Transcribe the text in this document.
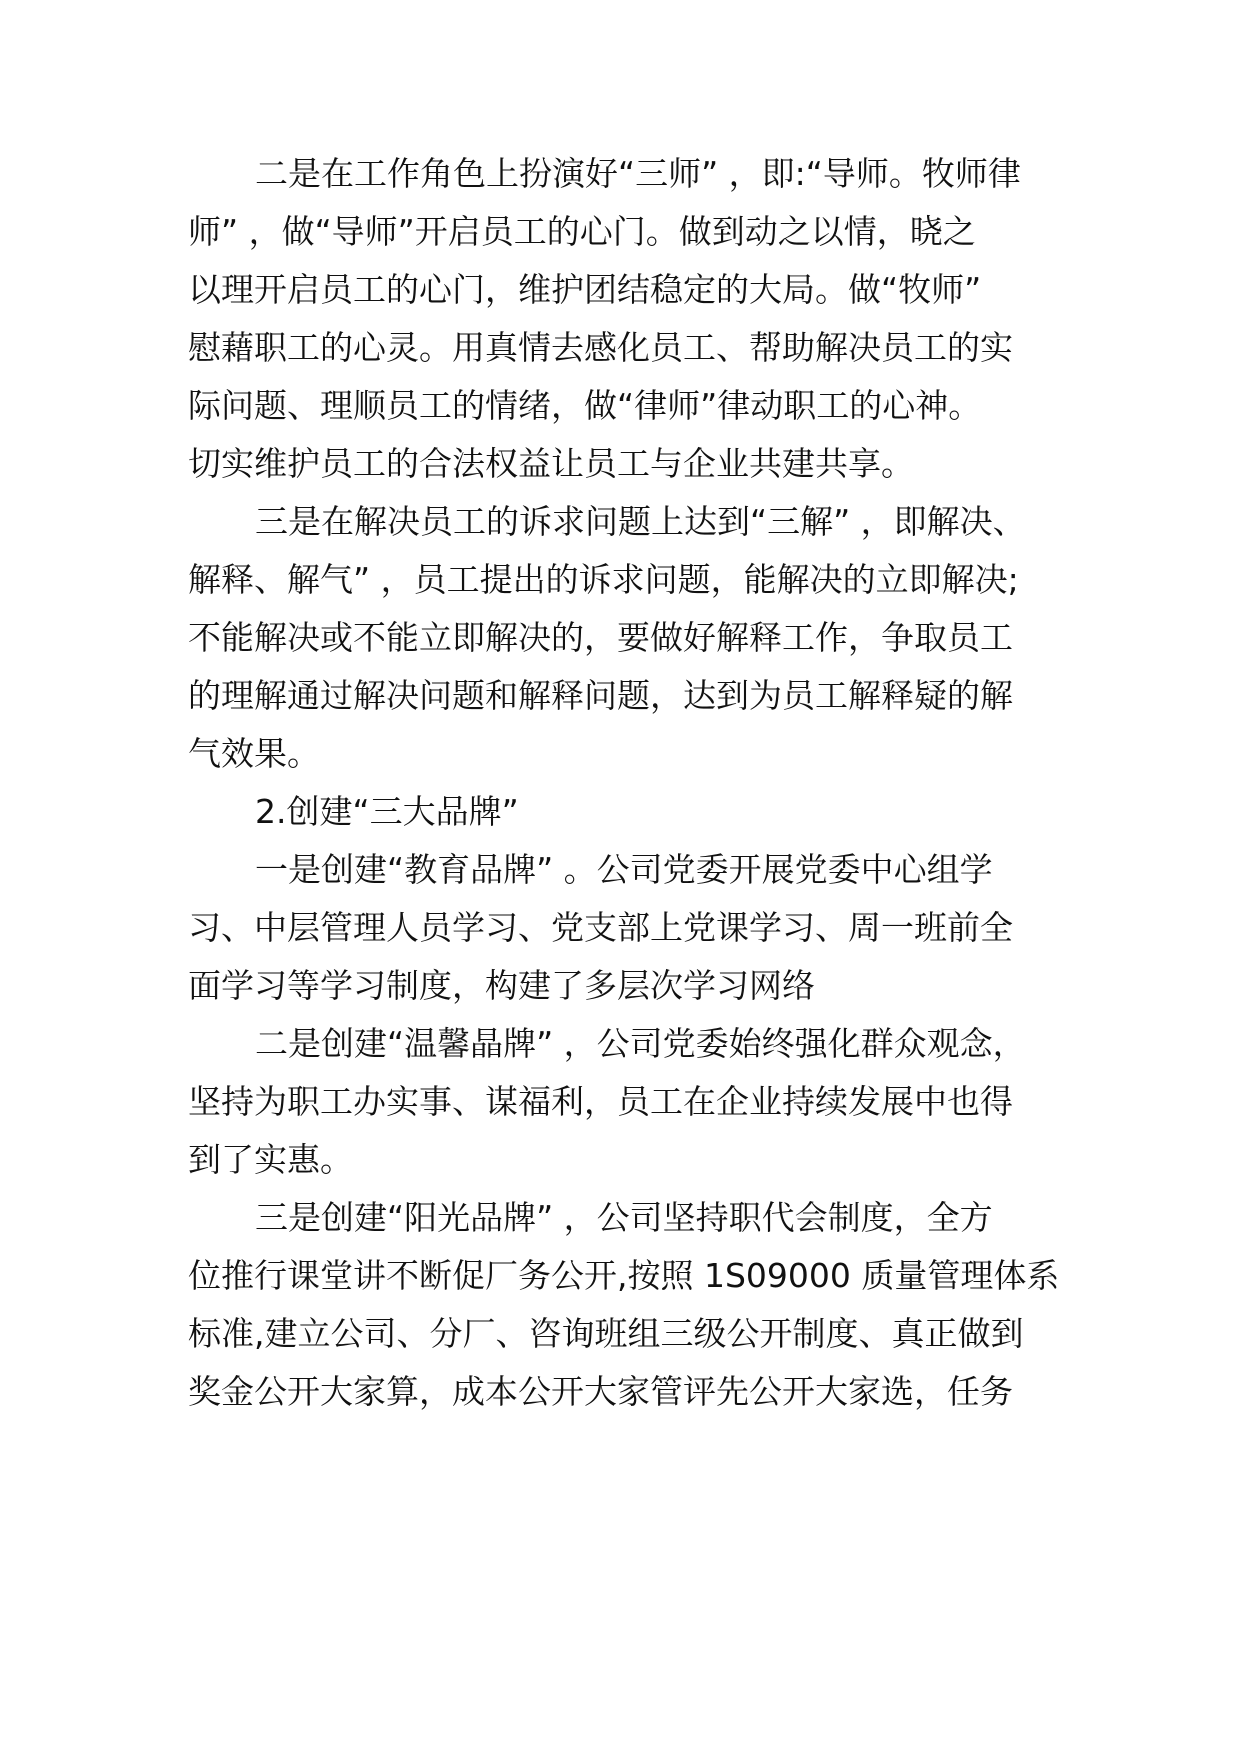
二是在工作角色上扮演好“三师” ，即:“导师。牧师律
师” ，做“导师”开启员工的心门。做到动之以情，晓之
以理开启员工的心门，维护团结稳定的大局。做“牧师”
慰藉职工的心灵。用真情去感化员工、帮助解决员工的实
际问题、理顺员工的情绪，做“律师”律动职工的心神。
切实维护员工的合法权益让员工与企业共建共享。
三是在解决员工的诉求问题上达到“三解” ，即解决、
解释、解气” ，员工提出的诉求问题，能解决的立即解决;
不能解决或不能立即解决的，要做好解释工作，争取员工
的理解通过解决问题和解释问题，达到为员工解释疑的解
气效果。
2.创建“三大品牌”
一是创建“教育品牌” 。公司党委开展党委中心组学
习、中层管理人员学习、党支部上党课学习、周一班前全
面学习等学习制度，构建了多层次学习网络
二是创建“温馨晶牌” ，公司党委始终强化群众观念，
坚持为职工办实事、谋福利，员工在企业持续发展中也得
到了实惠。
三是创建“阳光品牌” ，公司坚持职代会制度，全方
位推行课堂讲不断促厂务公开,按照 1S09000 质量管理体系
标准,建立公司、分厂、咨询班组三级公开制度、真正做到
奖金公开大家算，成本公开大家管评先公开大家选，任务
